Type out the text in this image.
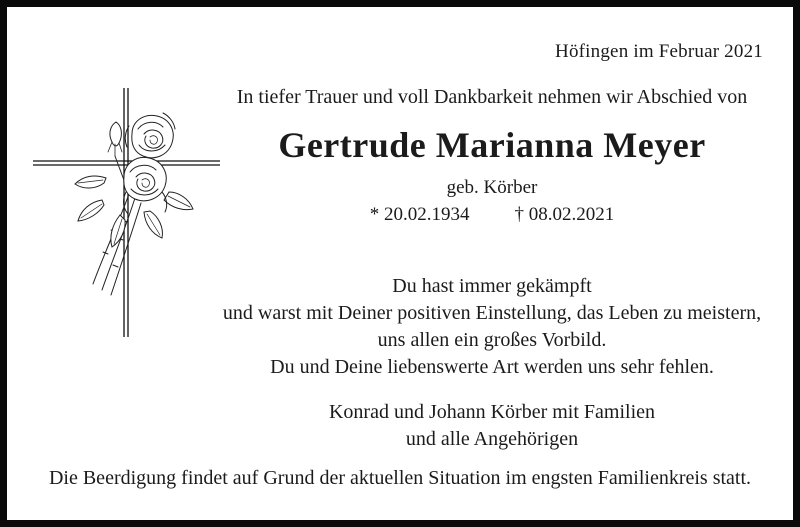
Höfingen im Februar 2021
In tiefer Trauer und voll Dankbarkeit nehmen wir Abschied von
Gertrude Marianna Meyer
geb. Körber
* 20.02.1934 † 08.02.2021
Du hast immer gekämpft
und warst mit Deiner positiven Einstellung, das Leben zu meistern,
uns allen ein großes Vorbild.
Du und Deine liebenswerte Art werden uns sehr fehlen.
Konrad und Johann Körber mit Familien
und alle Angehörigen
Die Beerdigung findet auf Grund der aktuellen Situation im engsten Familienkreis statt.
